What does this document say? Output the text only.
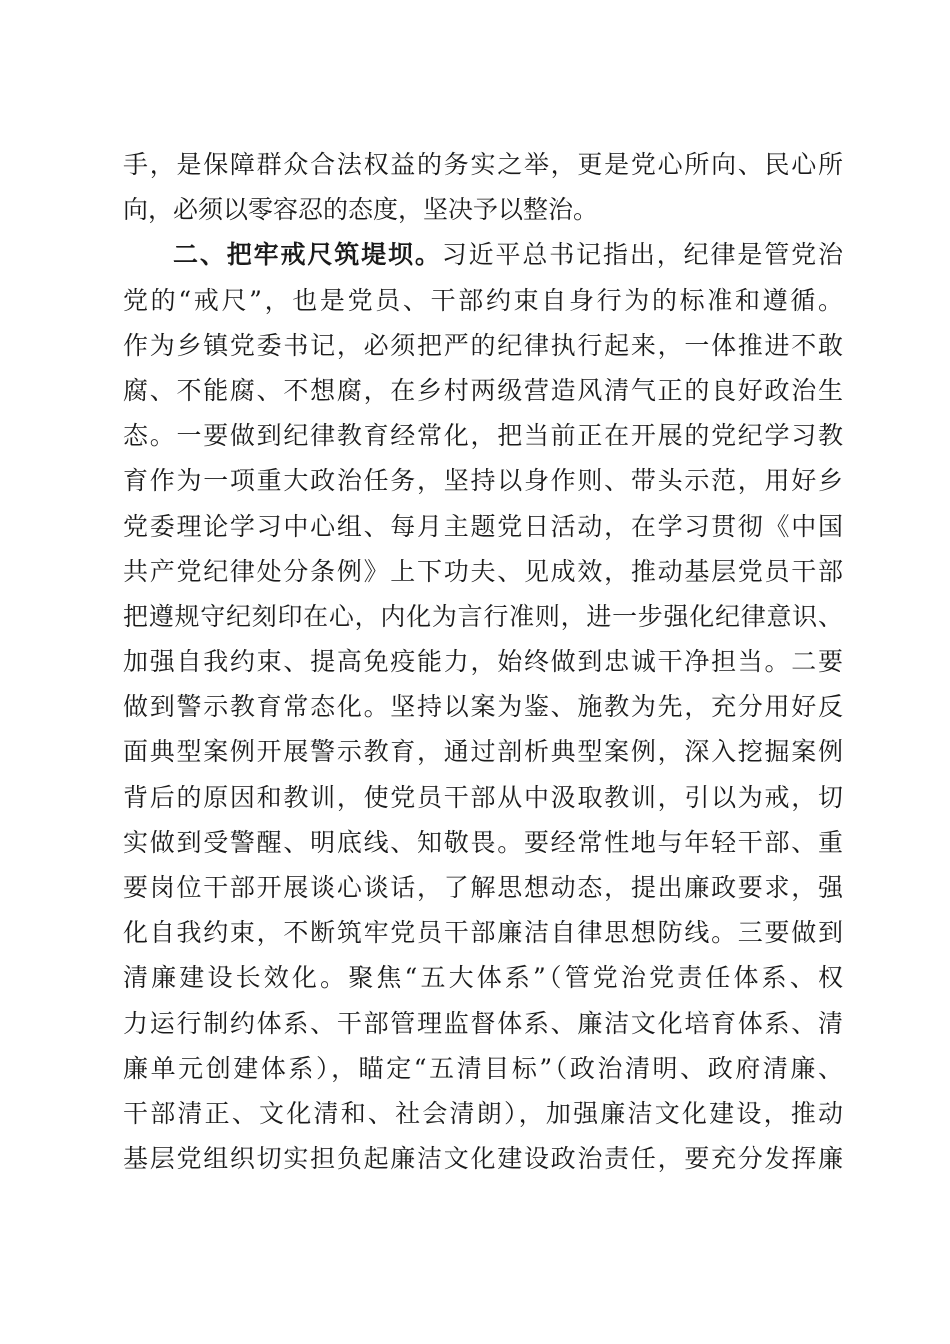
手，是保障群众合法权益的务实之举，更是党心所向、民心所
向，必须以零容忍的态度，坚决予以整治。
二、把牢戒尺筑堤坝。习近平总书记指出，纪律是管党治
党的“戒尺”，也是党员、干部约束自身行为的标准和遵循。
作为乡镇党委书记，必须把严的纪律执行起来，一体推进不敢
腐、不能腐、不想腐，在乡村两级营造风清气正的良好政治生
态。一要做到纪律教育经常化，把当前正在开展的党纪学习教
育作为一项重大政治任务，坚持以身作则、带头示范，用好乡
党委理论学习中心组、每月主题党日活动，在学习贯彻《中国
共产党纪律处分条例》上下功夫、见成效，推动基层党员干部
把遵规守纪刻印在心，内化为言行准则，进一步强化纪律意识、
加强自我约束、提高免疫能力，始终做到忠诚干净担当。二要
做到警示教育常态化。坚持以案为鉴、施教为先，充分用好反
面典型案例开展警示教育，通过剖析典型案例，深入挖掘案例
背后的原因和教训，使党员干部从中汲取教训，引以为戒，切
实做到受警醒、明底线、知敬畏。要经常性地与年轻干部、重
要岗位干部开展谈心谈话，了解思想动态，提出廉政要求，强
化自我约束，不断筑牢党员干部廉洁自律思想防线。三要做到
清廉建设长效化。聚焦“五大体系”（管党治党责任体系、权
力运行制约体系、干部管理监督体系、廉洁文化培育体系、清
廉单元创建体系），瞄定“五清目标”（政治清明、政府清廉、
干部清正、文化清和、社会清朗），加强廉洁文化建设，推动
基层党组织切实担负起廉洁文化建设政治责任，要充分发挥廉
